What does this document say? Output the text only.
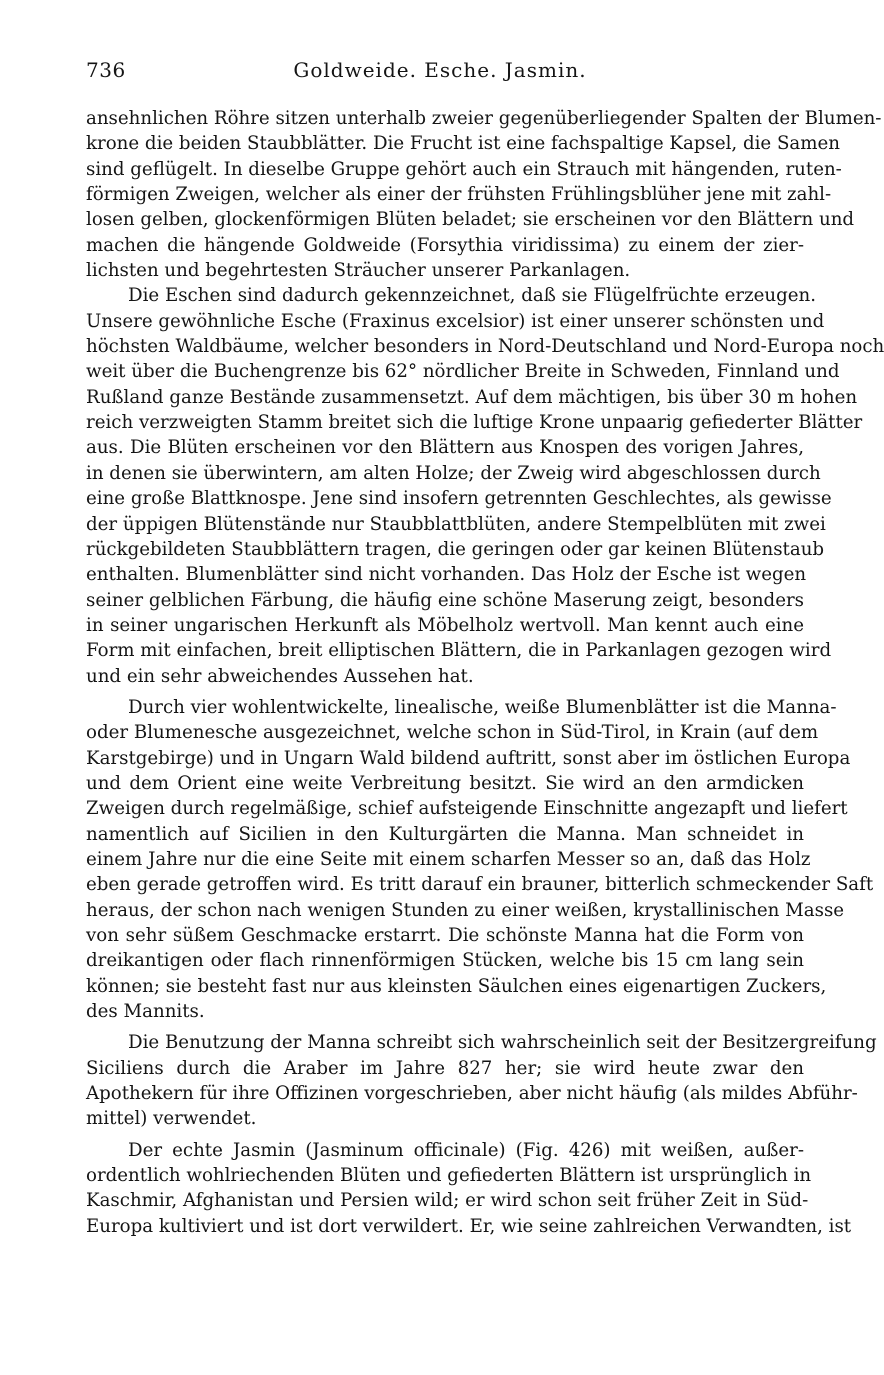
736	Goldweide. Esche. Jasmin.
ansehnlichen Röhre sitzen unterhalb zweier gegenüberliegender Spalten der Blumen-
krone die beiden Staubblätter. Die Frucht ist eine fachspaltige Kapsel, die Samen
sind geflügelt. In dieselbe Gruppe gehört auch ein Strauch mit hängenden, ruten-
förmigen Zweigen, welcher als einer der frühsten Frühlingsblüher jene mit zahl-
losen gelben, glockenförmigen Blüten beladet; sie erscheinen vor den Blättern und
machen die hängende Goldweide (Forsythia viridissima) zu einem der zier-
lichsten und begehrtesten Sträucher unserer Parkanlagen.
Die Eschen sind dadurch gekennzeichnet, daß sie Flügelfrüchte erzeugen.
Unsere gewöhnliche Esche (Fraxinus excelsior) ist einer unserer schönsten und
höchsten Waldbäume, welcher besonders in Nord-Deutschland und Nord-Europa noch
weit über die Buchengrenze bis 62° nördlicher Breite in Schweden, Finnland und
Rußland ganze Bestände zusammensetzt. Auf dem mächtigen, bis über 30 m hohen
reich verzweigten Stamm breitet sich die luftige Krone unpaarig gefiederter Blätter
aus. Die Blüten erscheinen vor den Blättern aus Knospen des vorigen Jahres,
in denen sie überwintern, am alten Holze; der Zweig wird abgeschlossen durch
eine große Blattknospe. Jene sind insofern getrennten Geschlechtes, als gewisse
der üppigen Blütenstände nur Staubblattblüten, andere Stempelblüten mit zwei
rückgebildeten Staubblättern tragen, die geringen oder gar keinen Blütenstaub
enthalten. Blumenblätter sind nicht vorhanden. Das Holz der Esche ist wegen
seiner gelblichen Färbung, die häufig eine schöne Maserung zeigt, besonders
in seiner ungarischen Herkunft als Möbelholz wertvoll. Man kennt auch eine
Form mit einfachen, breit elliptischen Blättern, die in Parkanlagen gezogen wird
und ein sehr abweichendes Aussehen hat.
Durch vier wohlentwickelte, linealische, weiße Blumenblätter ist die Manna-
oder Blumenesche ausgezeichnet, welche schon in Süd-Tirol, in Krain (auf dem
Karstgebirge) und in Ungarn Wald bildend auftritt, sonst aber im östlichen Europa
und dem Orient eine weite Verbreitung besitzt. Sie wird an den armdicken
Zweigen durch regelmäßige, schief aufsteigende Einschnitte angezapft und liefert
namentlich auf Sicilien in den Kulturgärten die Manna. Man schneidet in
einem Jahre nur die eine Seite mit einem scharfen Messer so an, daß das Holz
eben gerade getroffen wird. Es tritt darauf ein brauner, bitterlich schmeckender Saft
heraus, der schon nach wenigen Stunden zu einer weißen, krystallinischen Masse
von sehr süßem Geschmacke erstarrt. Die schönste Manna hat die Form von
dreikantigen oder flach rinnenförmigen Stücken, welche bis 15 cm lang sein
können; sie besteht fast nur aus kleinsten Säulchen eines eigenartigen Zuckers,
des Mannits.
Die Benutzung der Manna schreibt sich wahrscheinlich seit der Besitzergreifung
Siciliens durch die Araber im Jahre 827 her; sie wird heute zwar den
Apothekern für ihre Offizinen vorgeschrieben, aber nicht häufig (als mildes Abführ-
mittel) verwendet.
Der echte Jasmin (Jasminum officinale) (Fig. 426) mit weißen, außer-
ordentlich wohlriechenden Blüten und gefiederten Blättern ist ursprünglich in
Kaschmir, Afghanistan und Persien wild; er wird schon seit früher Zeit in Süd-
Europa kultiviert und ist dort verwildert. Er, wie seine zahlreichen Verwandten, ist
